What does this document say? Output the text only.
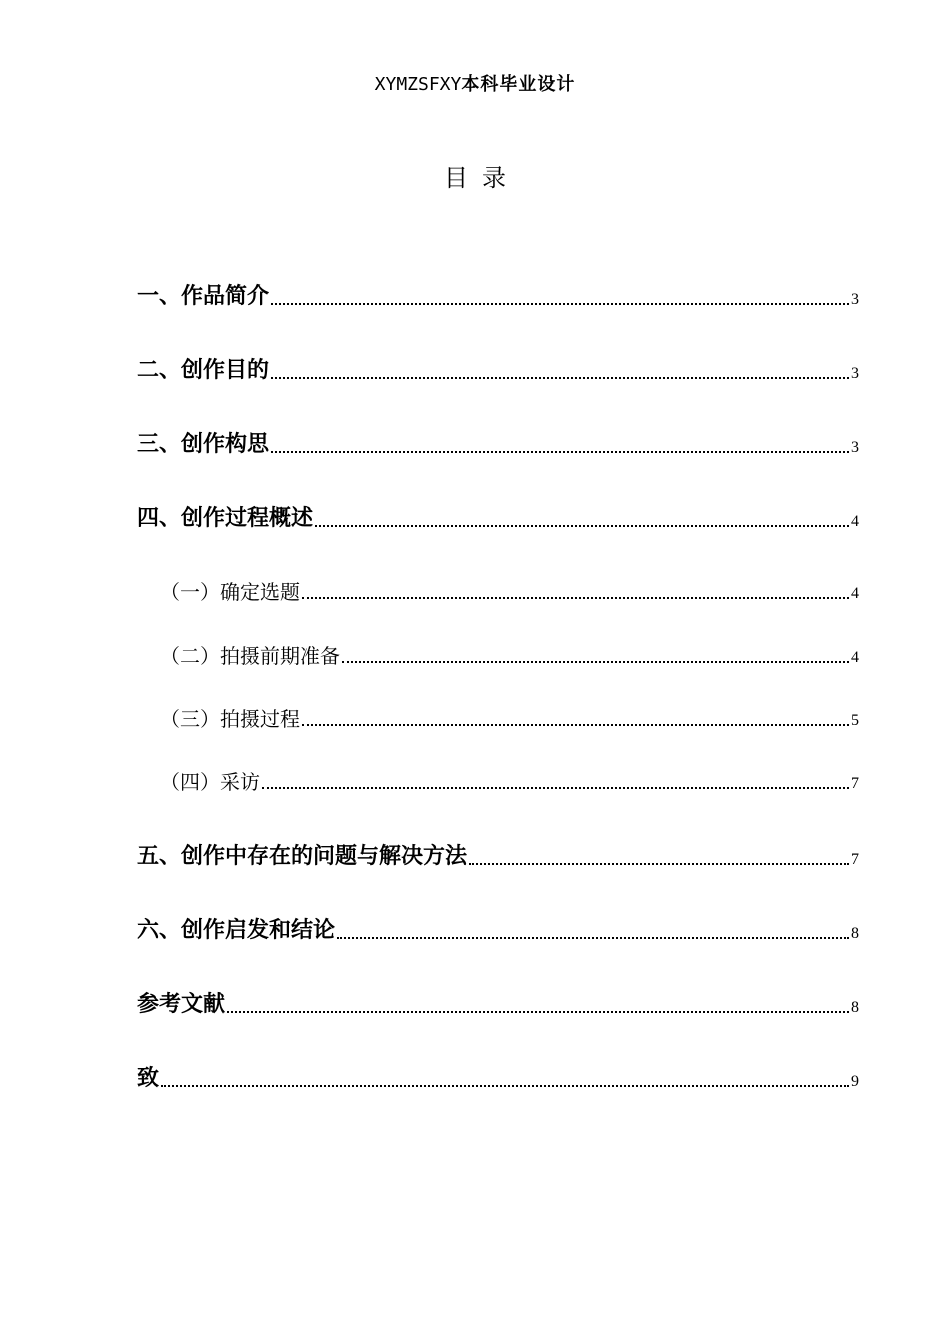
XYMZSFXY本科毕业设计
目录
一、作品简介	3
二、创作目的	3
三、创作构思	3
四、创作过程概述	4
（一）确定选题	4
（二）拍摄前期准备	4
（三）拍摄过程	5
（四）采访	7
五、创作中存在的问题与解决方法	7
六、创作启发和结论	8
参考文献	8
致	9
